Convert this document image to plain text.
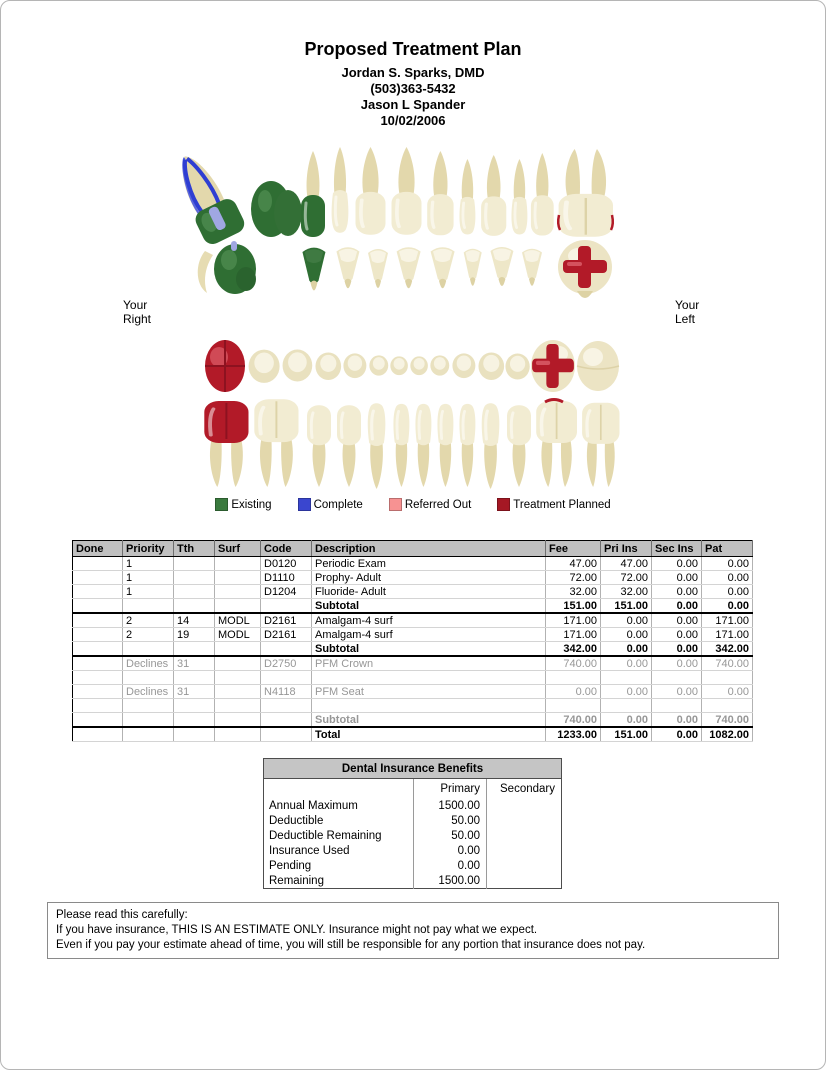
Proposed Treatment Plan
Jordan S. Sparks, DMD
(503)363-5432
Jason L Spander
10/02/2006
Your
Right
Your
Left
Existing	Complete	Referred Out	Treatment Planned
Done	Priority	Tth	Surf	Code	Description	Fee	Pri Ins	Sec Ins	Pat
	1			D0120	Periodic Exam	47.00	47.00	0.00	0.00
	1			D1110	Prophy- Adult	72.00	72.00	0.00	0.00
	1			D1204	Fluoride- Adult	32.00	32.00	0.00	0.00
					Subtotal	151.00	151.00	0.00	0.00
	2	14	MODL	D2161	Amalgam-4 surf	171.00	0.00	0.00	171.00
	2	19	MODL	D2161	Amalgam-4 surf	171.00	0.00	0.00	171.00
					Subtotal	342.00	0.00	0.00	342.00
	Declines	31		D2750	PFM Crown	740.00	0.00	0.00	740.00

	Declines	31		N4118	PFM Seat	0.00	0.00	0.00	0.00

					Subtotal	740.00	0.00	0.00	740.00
					Total	1233.00	151.00	0.00	1082.00
Dental Insurance Benefits		
	Primary	Secondary
Annual Maximum	1500.00	
Deductible	50.00	
Deductible Remaining	50.00	
Insurance Used	0.00	
Pending	0.00	
Remaining	1500.00	
Please read this carefully:
If you have insurance, THIS IS AN ESTIMATE ONLY. Insurance might not pay what we expect.
Even if you pay your estimate ahead of time, you will still be responsible for any portion that insurance does not pay.
